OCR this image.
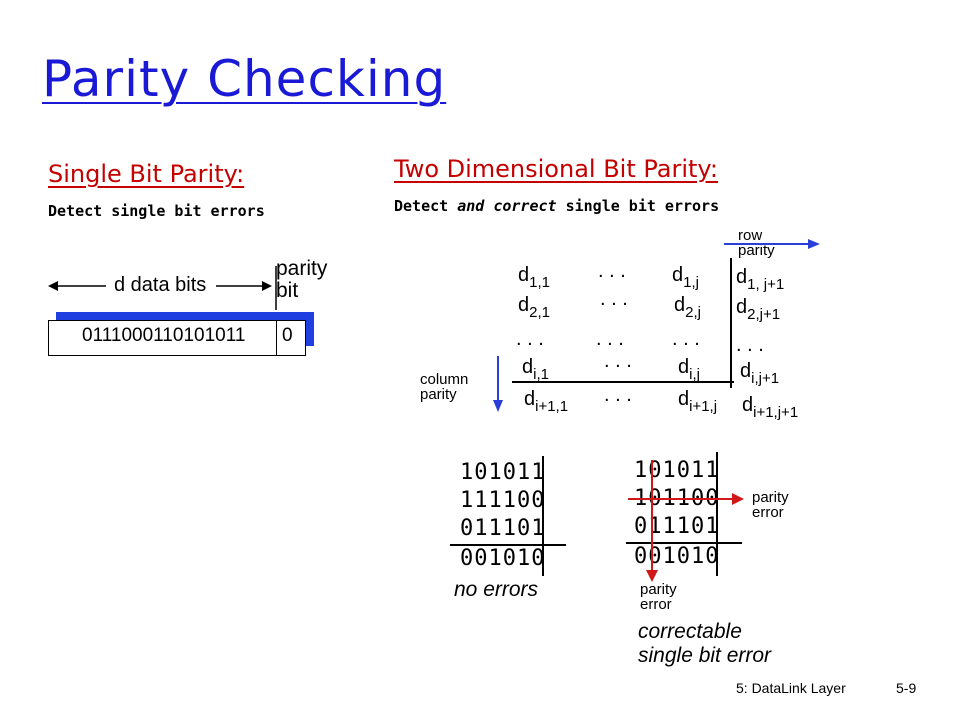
Parity Checking
Single Bit Parity:
Detect single bit errors
0111000110101011 0
d data bits
parity
bit
Two Dimensional Bit Parity:
Detect and correct single bit errors
row
parity
column
parity
$d_{1,1}$
. . . $d_{1,j}$ $d_{1, j+1}$
$d_{2,1}$
. . . $d_{2,j}$ $d_{2,j+1}$
. . .	. . . . . . . . .
$d_{i,1}$
. . . $d_{i,j}$ $d_{i,j+1}$
$d_{i+1,1}$
. . . $d_{i+1,j}$ $d_{i+1,j+1}$
101011
111100
011101
001010
no errors
101011
101100
011101
001010
parity
error
parity
error
correctable
single bit error
5: DataLink Layer	5-9
